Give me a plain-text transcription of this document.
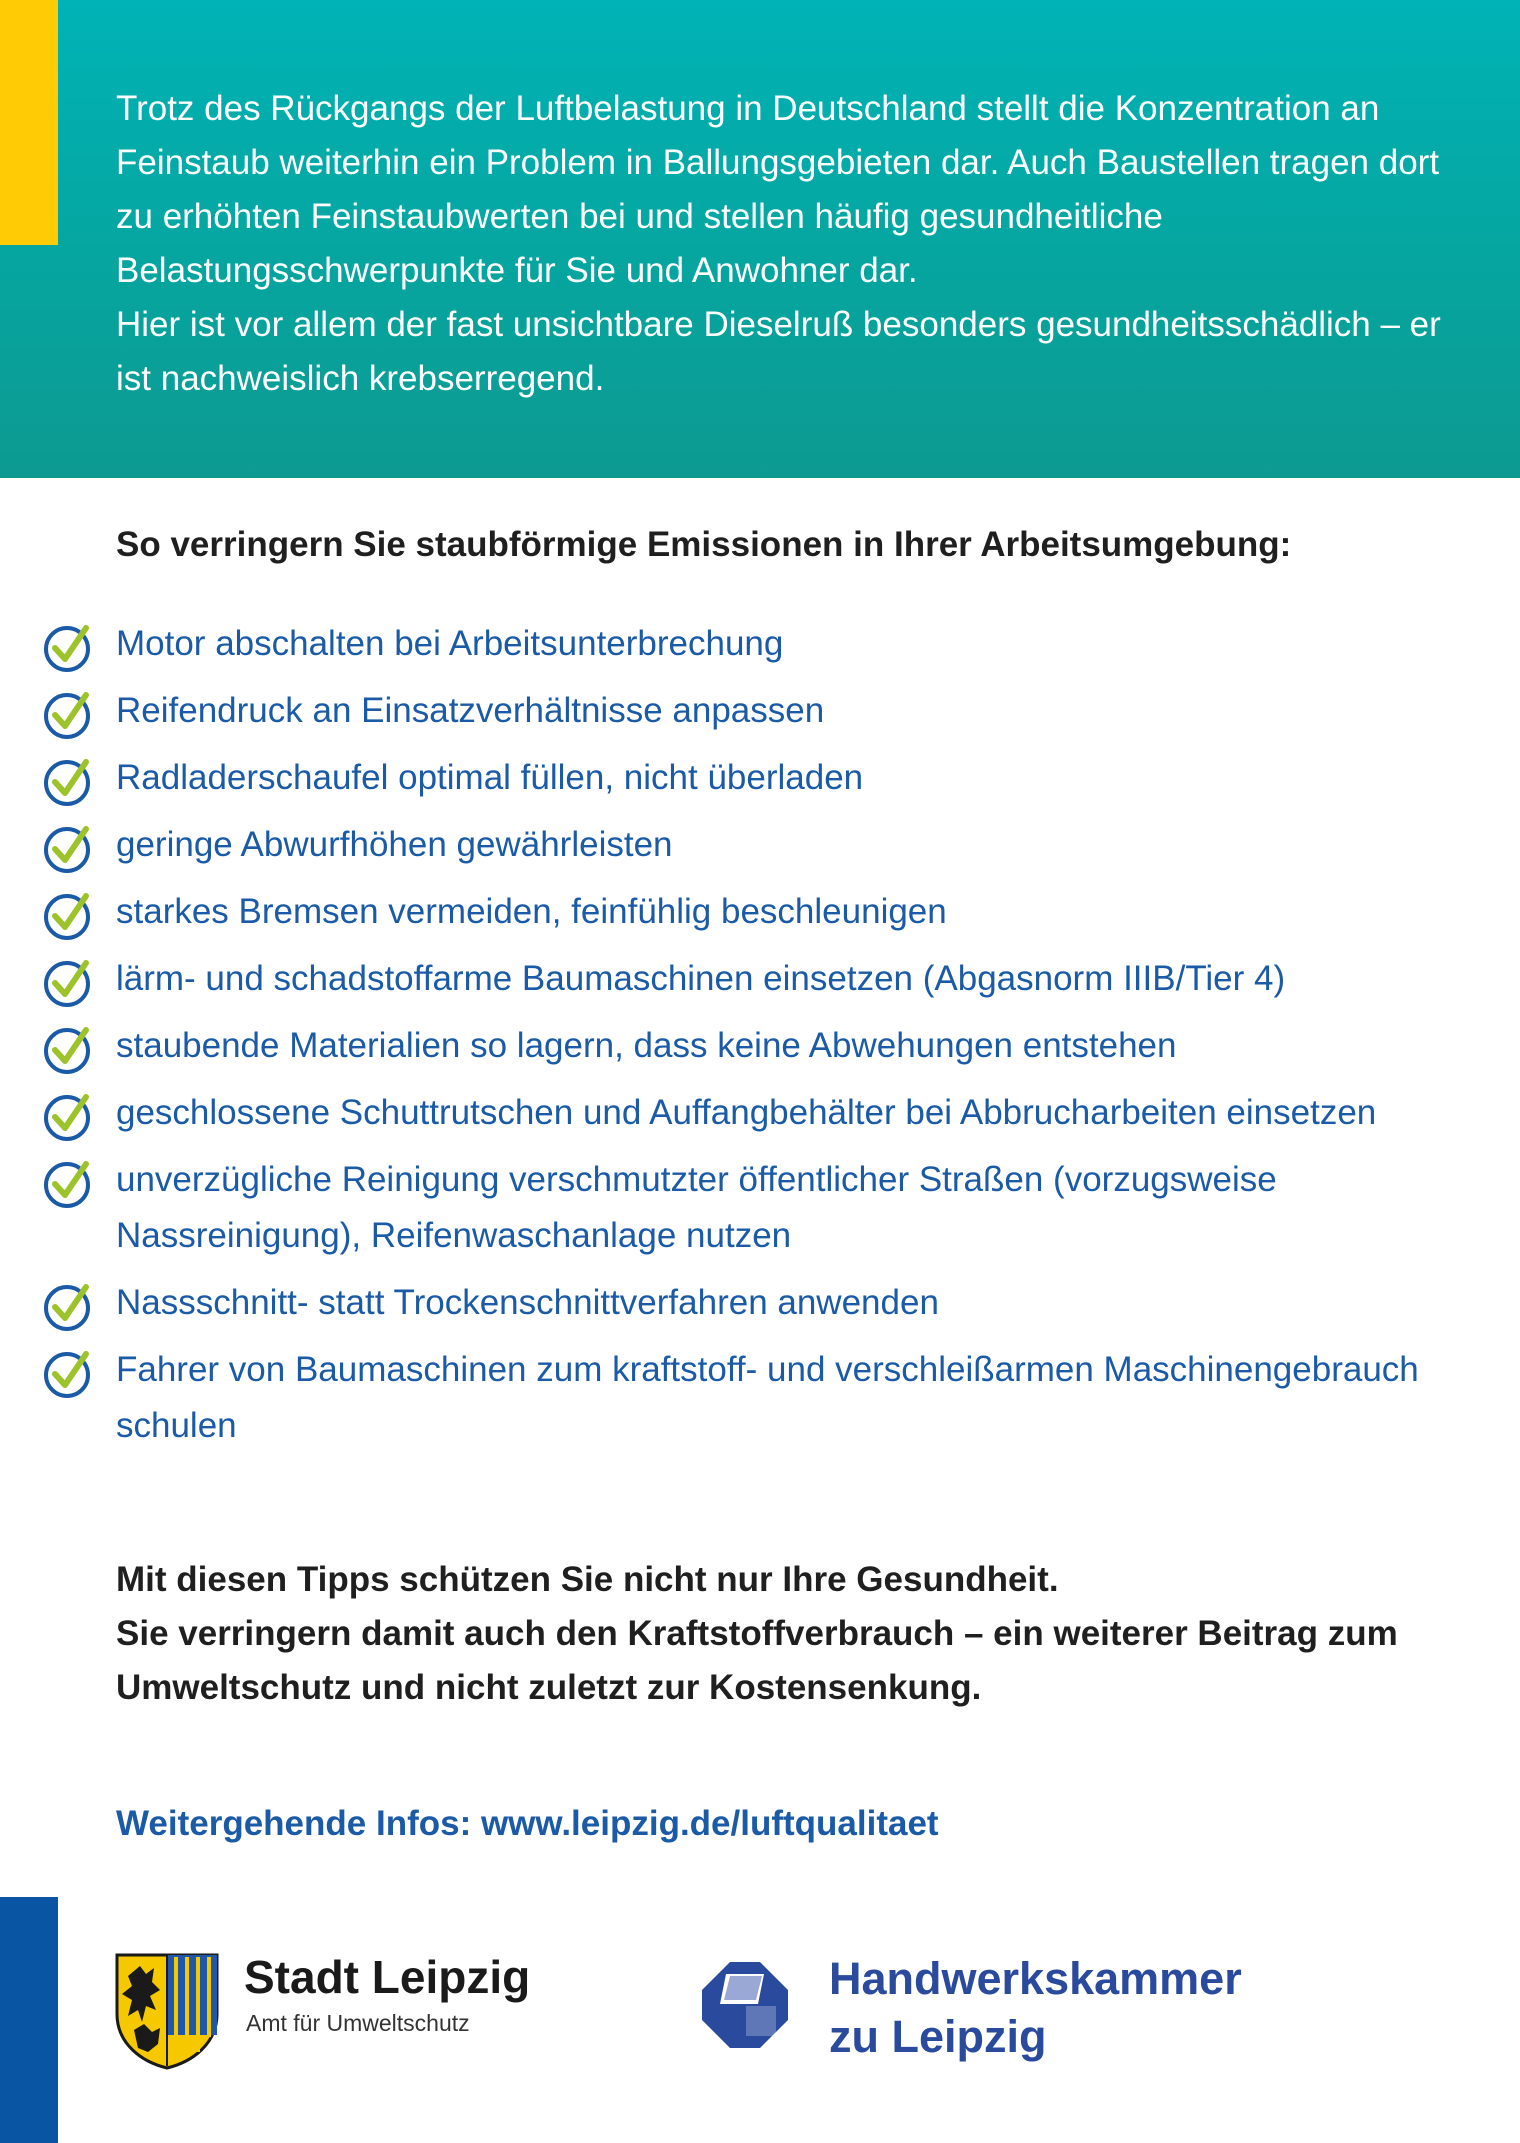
Trotz des Rückgangs der Luftbelastung in Deutschland stellt die Konzentration an Feinstaub weiterhin ein Problem in Ballungsgebieten dar. Auch Baustellen tragen dort zu erhöhten Feinstaubwerten bei und stellen häufig gesundheitliche Belastungsschwerpunkte für Sie und Anwohner dar.

Hier ist vor allem der fast unsichtbare Dieselruß besonders gesundheitsschädlich – er ist nachweislich krebserregend.

So verringern Sie staubförmige Emissionen in Ihrer Arbeitsumgebung:
Motor abschalten bei Arbeitsunterbrechung
Reifendruck an Einsatzverhältnisse anpassen
Radladerschaufel optimal füllen, nicht überladen
geringe Abwurfhöhen gewährleisten
starkes Bremsen vermeiden, feinfühlig beschleunigen
lärm- und schadstoffarme Baumaschinen einsetzen (Abgasnorm IIIB/Tier 4)
staubende Materialien so lagern, dass keine Abwehungen entstehen
geschlossene Schuttrutschen und Auffangbehälter bei Abbrucharbeiten einsetzen
unverzügliche Reinigung verschmutzter öffentlicher Straßen (vorzugsweise Nassreinigung), Reifenwaschanlage nutzen
Nassschnitt- statt Trockenschnittverfahren anwenden
Fahrer von Baumaschinen zum kraftstoff- und verschleißarmen Maschinengebrauch schulen

Mit diesen Tipps schützen Sie nicht nur Ihre Gesundheit.

Sie verringern damit auch den Kraftstoffverbrauch – ein weiterer Beitrag zum Umweltschutz und nicht zuletzt zur Kostensenkung.

Weitergehende Infos: www.leipzig.de/luftqualitaet

Stadt Leipzig

Amt für Umweltschutz

Handwerkskammer
zu Leipzig
